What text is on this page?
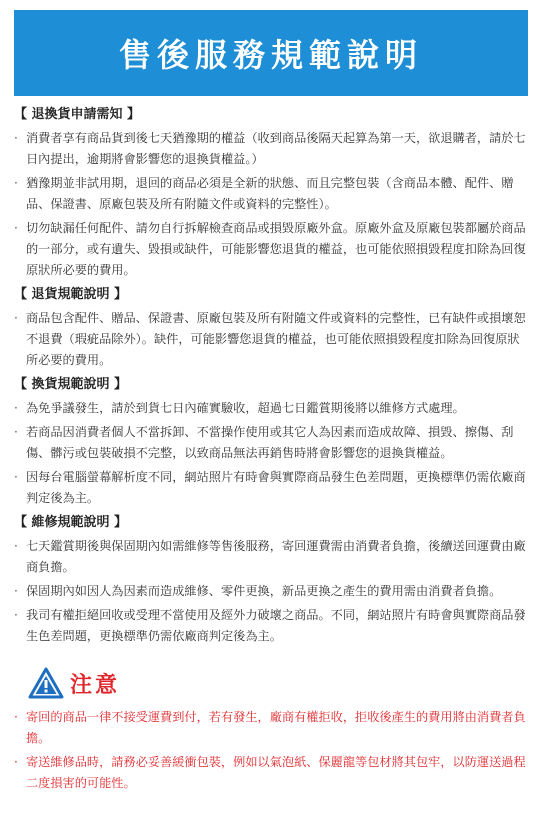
售後服務規範說明
【 退換貨申請需知 】
· 消費者享有商品貨到後七天猶豫期的權益（收到商品後隔天起算為第一天，欲退購者，請於七日內提出，逾期將會影響您的退換貨權益。）
· 猶豫期並非試用期，退回的商品必須是全新的狀態、而且完整包裝（含商品本體、配件、贈品、保證書、原廠包裝及所有附隨文件或資料的完整性）。
· 切勿缺漏任何配件、請勿自行拆解檢查商品或損毀原廠外盒。原廠外盒及原廠包裝都屬於商品的一部分，或有遺失、毀損或缺件，可能影響您退貨的權益，也可能依照損毀程度扣除為回復原狀所必要的費用。
【 退貨規範說明 】
· 商品包含配件、贈品、保證書、原廠包裝及所有附隨文件或資料的完整性，已有缺件或損壞恕不退費（瑕疵品除外）。缺件，可能影響您退貨的權益，也可能依照損毀程度扣除為回復原狀所必要的費用。
【 換貨規範說明 】
· 為免爭議發生，請於到貨七日內確實驗收，超過七日鑑賞期後將以維修方式處理。
· 若商品因消費者個人不當拆卸、不當操作使用或其它人為因素而造成故障、損毀、擦傷、刮傷、髒污或包裝破損不完整，以致商品無法再銷售時將會影響您的退換貨權益。
· 因每台電腦螢幕解析度不同，網站照片有時會與實際商品發生色差問題，更換標準仍需依廠商判定後為主。
【 維修規範說明 】
· 七天鑑賞期後與保固期內如需維修等售後服務，寄回運費需由消費者負擔，後續送回運費由廠商負擔。
· 保固期內如因人為因素而造成維修、零件更換，新品更換之產生的費用需由消費者負擔。
· 我司有權拒絕回收或受理不當使用及經外力破壞之商品。不同，網站照片有時會與實際商品發生色差問題，更換標準仍需依廠商判定後為主。
注意
· 寄回的商品一律不接受運費到付，若有發生，廠商有權拒收，拒收後產生的費用將由消費者負擔。
· 寄送維修品時，請務必妥善緩衝包裝，例如以氣泡紙、保麗龍等包材將其包牢，以防運送過程二度損害的可能性。
